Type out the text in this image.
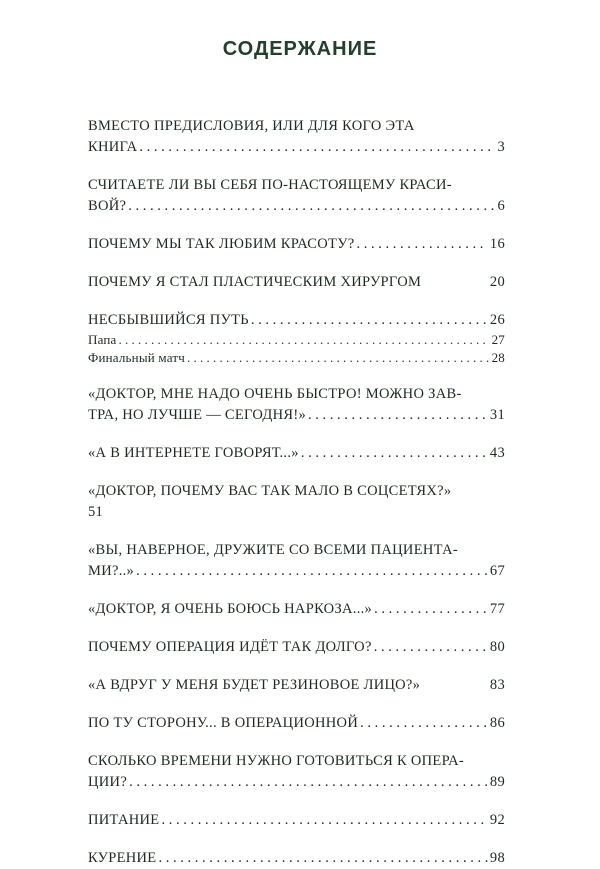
СОДЕРЖАНИЕ
ВМЕСТО ПРЕДИСЛОВИЯ, ИЛИ ДЛЯ КОГО ЭТА
КНИГА . . .	3
СЧИТАЕТЕ ЛИ ВЫ СЕБЯ ПО-НАСТОЯЩЕМУ КРАСИ-
ВОЙ? . . .	6
ПОЧЕМУ МЫ ТАК ЛЮБИМ КРАСОТУ? . . .	16
ПОЧЕМУ Я СТАЛ ПЛАСТИЧЕСКИМ ХИРУРГОМ	20
НЕСБЫВШИЙСЯ ПУТЬ . . .	26
Папа . . .	27
Финальный матч . . .	28
«ДОКТОР, МНЕ НАДО ОЧЕНЬ БЫСТРО! МОЖНО ЗАВ-
ТРА, НО ЛУЧШЕ — СЕГОДНЯ!» . . .	31
«А В ИНТЕРНЕТЕ ГОВОРЯТ...» . . .	43
«ДОКТОР, ПОЧЕМУ ВАС ТАК МАЛО В СОЦСЕТЯХ?»
51
«ВЫ, НАВЕРНОЕ, ДРУЖИТЕ СО ВСЕМИ ПАЦИЕНТА-
МИ?..» . . .	67
«ДОКТОР, Я ОЧЕНЬ БОЮСЬ НАРКОЗА...» . . .	77
ПОЧЕМУ ОПЕРАЦИЯ ИДЁТ ТАК ДОЛГО? . . .	80
«А ВДРУГ У МЕНЯ БУДЕТ РЕЗИНОВОЕ ЛИЦО?»	83
ПО ТУ СТОРОНУ... В ОПЕРАЦИОННОЙ . . .	86
СКОЛЬКО ВРЕМЕНИ НУЖНО ГОТОВИТЬСЯ К ОПЕРА-
ЦИИ? . . .	89
ПИТАНИЕ . . .	92
КУРЕНИЕ . . .	98
